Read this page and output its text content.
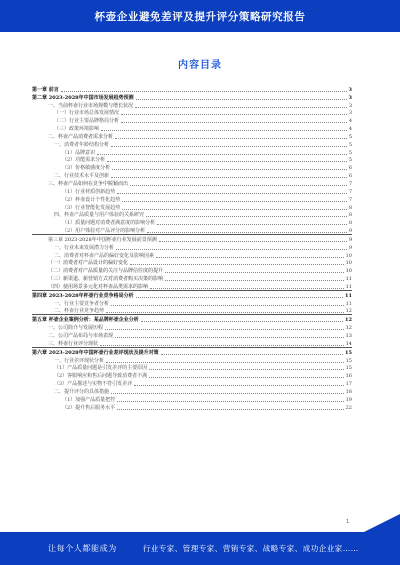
杯壶企业避免差评及提升评分策略研究报告
内容目录
第一章 前言	3
第二章 2023-2028年中国市场发展趋势预测	3
一、当前杯壶行业市场规模与增长状况	3
（一）行业市场总体发展情况	3
（二）行业主要品牌格局分析	4
（三）政策环境影响	4
二、杯壶产品消费者需求分析	5
一、消费者年龄结构分析	5
（1）品牌意识	5
（2）功能需求分析	5
（3）价格敏感度分析	6
二、行业技术水平及创新	6
三、杯壶产品如何在竞争中脱颖而出	7
（1）行业材质创新趋势	7
（2）杯壶设计个性化趋势	7
（3）行业智能化发展趋势	8
四、杯壶产品质量与用户体验的关系研究	8
（1）质量问题对消费者满意度的影响分析	8
（2）用户体验对产品评分的影响分析	9
第三章 2023-2028年中国杯壶行业发展前景预测	9
一、行业未来发展潜力分析	9
二、消费者对杯壶产品的偏好变化及影响因素	10
（一）消费者对产品设计的偏好变化	10
（二）消费者对产品质量的关注与品牌信任度的提升	10
（三）新渠道、新营销方式对消费者购买决策的影响	11
（四）使用场景多元化对杯壶品类需求的影响	11
第四章 2023-2028年杯壶行业竞争格局分析	11
一、行业主要竞争者分析	11
二、杯壶行业竞争趋势	12
第五章 杯壶企业案例分析：某品牌杯壶企业分析	12
一、公司简介与发展历程	12
二、公司产品布局与市场表现	13
三、杯壶行业评分现状	14
第六章 2023-2028年中国杯壶行业差评现状及提升对策	15
一、行业差评现状分析	15
（1）产品质量问题是引发差评的主要原因	15
（2）客服响应和售后问题导致消费者不满	16
（3）产品描述与实物不符引发差评	17
二、提升评分的具体措施	18
（1）加强产品质量把控	19
（2）提升售后服务水平	22
1
让每个人都能成为	行业专家、管理专家、营销专家、战略专家、成功企业家……
